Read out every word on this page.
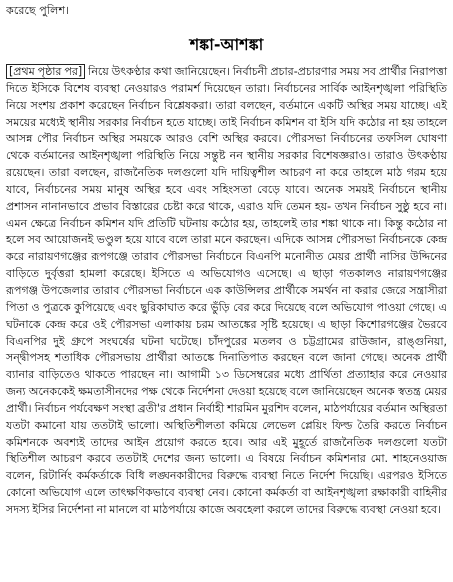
করেছে পুলিশ।
শঙ্কা-আশঙ্কা

[প্রথম পৃষ্ঠার পর] নিয়ে উৎকণ্ঠার কথা জানিয়েছেন। নির্বাচনী প্রচার-প্রচারণার সময় সব প্রার্থীর নিরাপত্তা দিতে ইসিকে বিশেষ ব্যবস্থা নেওয়ারও পরামর্শ দিয়েছেন তারা। নির্বাচনের সার্বিক আইনশৃঙ্খলা পরিস্থিতি নিয়ে সংশয় প্রকাশ করেছেন নির্বাচন বিশ্লেষকরা। তারা বলছেন, বর্তমানে একটি অস্থির সময় যাচ্ছে। এই সময়ের মধ্যেই স্থানীয় সরকার নির্বাচন হতে যাচ্ছে। তাই নির্বাচন কমিশন বা ইসি যদি কঠোর না হয় তাহলে আসন্ন পৌর নির্বাচন অস্থির সময়কে আরও বেশি অস্থির করবে। পৌরসভা নির্বাচনের তফসিল ঘোষণা থেকে বর্তমানের আইনশৃঙ্খলা পরিস্থিতি নিয়ে সন্তুষ্ট নন স্থানীয় সরকার বিশেষজ্ঞরাও। তারাও উৎকণ্ঠায় রয়েছেন। তারা বলছেন, রাজনৈতিক দলগুলো যদি দায়িত্বশীল আচরণ না করে তাহলে মাঠ গরম হয়ে যাবে, নির্বাচনের সময় মানুষ অস্থির হবে এবং সহিংসতা বেড়ে যাবে। অনেক সময়ই নির্বাচনে স্থানীয় প্রশাসন নানানভাবে প্রভাব বিস্তারের চেষ্টা করে থাকে, এরাও যদি তেমন হয়- তখন নির্বাচন সুষ্ঠু হবে না। এমন ক্ষেত্রে নির্বাচন কমিশন যদি প্রতিটি ঘটনায় কঠোর হয়, তাহলেই তার শঙ্কা থাকে না। কিন্তু কঠোর না হলে সব আয়োজনই ভণ্ডুল হয়ে যাবে বলে তারা মনে করছেন। এদিকে আসন্ন পৌরসভা নির্বাচনকে কেন্দ্র করে নারায়ণগঞ্জের রূপগঞ্জে তারাব পৌরসভা নির্বাচনে বিএনপি মনোনীত মেয়র প্রার্থী নাসির উদ্দিনের বাড়িতে দুর্বৃত্তরা হামলা করেছে। ইসিতে এ অভিযোগও এসেছে। এ ছাড়া গতকালও নারায়ণগঞ্জের রূপগঞ্জ উপজেলার তারাব পৌরসভা নির্বাচনে এক কাউন্সিলর প্রার্থীকে সমর্থন না করার জেরে সন্ত্রাসীরা পিতা ও পুত্রকে কুপিয়েছে এবং ছুরিকাঘাত করে ভুঁড়ি বের করে দিয়েছে বলে অভিযোগ পাওয়া গেছে। এ ঘটনাকে কেন্দ্র করে ওই পৌরসভা এলাকায় চরম আতঙ্কের সৃষ্টি হয়েছে। এ ছাড়া কিশোরগঞ্জের ভৈরবে বিএনপির দুই গ্রুপে সংঘর্ষের ঘটনা ঘটেছে। চাঁদপুরের মতলব ও চট্টগ্রামের রাউজান, রাঙ্গুনিয়া, সন্দ্বীপসহ শতাধিক পৌরসভায় প্রার্থীরা আতঙ্কে দিনাতিপাত করছেন বলে জানা গেছে। অনেক প্রার্থী ব্যানার বাড়িতেও থাকতে পারছেন না। আগামী ১৩ ডিসেম্বরের মধ্যে প্রার্থিতা প্রত্যাহার করে নেওয়ার জন্য অনেককেই ক্ষমতাসীনদের পক্ষ থেকে নির্দেশনা দেওয়া হয়েছে বলে জানিয়েছেন অনেক স্বতন্ত্র মেয়র প্রার্থী। নির্বাচন পর্যবেক্ষণ সংস্থা ব্রতী'র প্রধান নির্বাহী শারমিন মুরশিদ বলেন, মাঠপর্যায়ের বর্তমান অস্থিরতা যতটা কমানো যায় ততটাই ভালো। অস্থিতিশীলতা কমিয়ে লেভেল প্লেয়িং ফিল্ড তৈরি করতে নির্বাচন কমিশনকে অবশ্যই তাদের আইন প্রয়োগ করতে হবে। আর এই মুহূর্তে রাজনৈতিক দলগুলো যতটা স্থিতিশীল আচরণ করবে ততটাই দেশের জন্য ভালো। এ বিষয়ে নির্বাচন কমিশনার মো. শাহনেওয়াজ বলেন, রিটার্নিং কর্মকর্তাকে বিধি লঙ্ঘনকারীদের বিরুদ্ধে ব্যবস্থা নিতে নির্দেশ দিয়েছি। এরপরও ইসিতে কোনো অভিযোগ এলে তাৎক্ষণিকভাবে ব্যবস্থা নেব। কোনো কর্মকর্তা বা আইনশৃঙ্খলা রক্ষাকারী বাহিনীর সদস্য ইসির নির্দেশনা না মানলে বা মাঠপর্যায়ে কাজে অবহেলা করলে তাদের বিরুদ্ধে ব্যবস্থা নেওয়া হবে।
